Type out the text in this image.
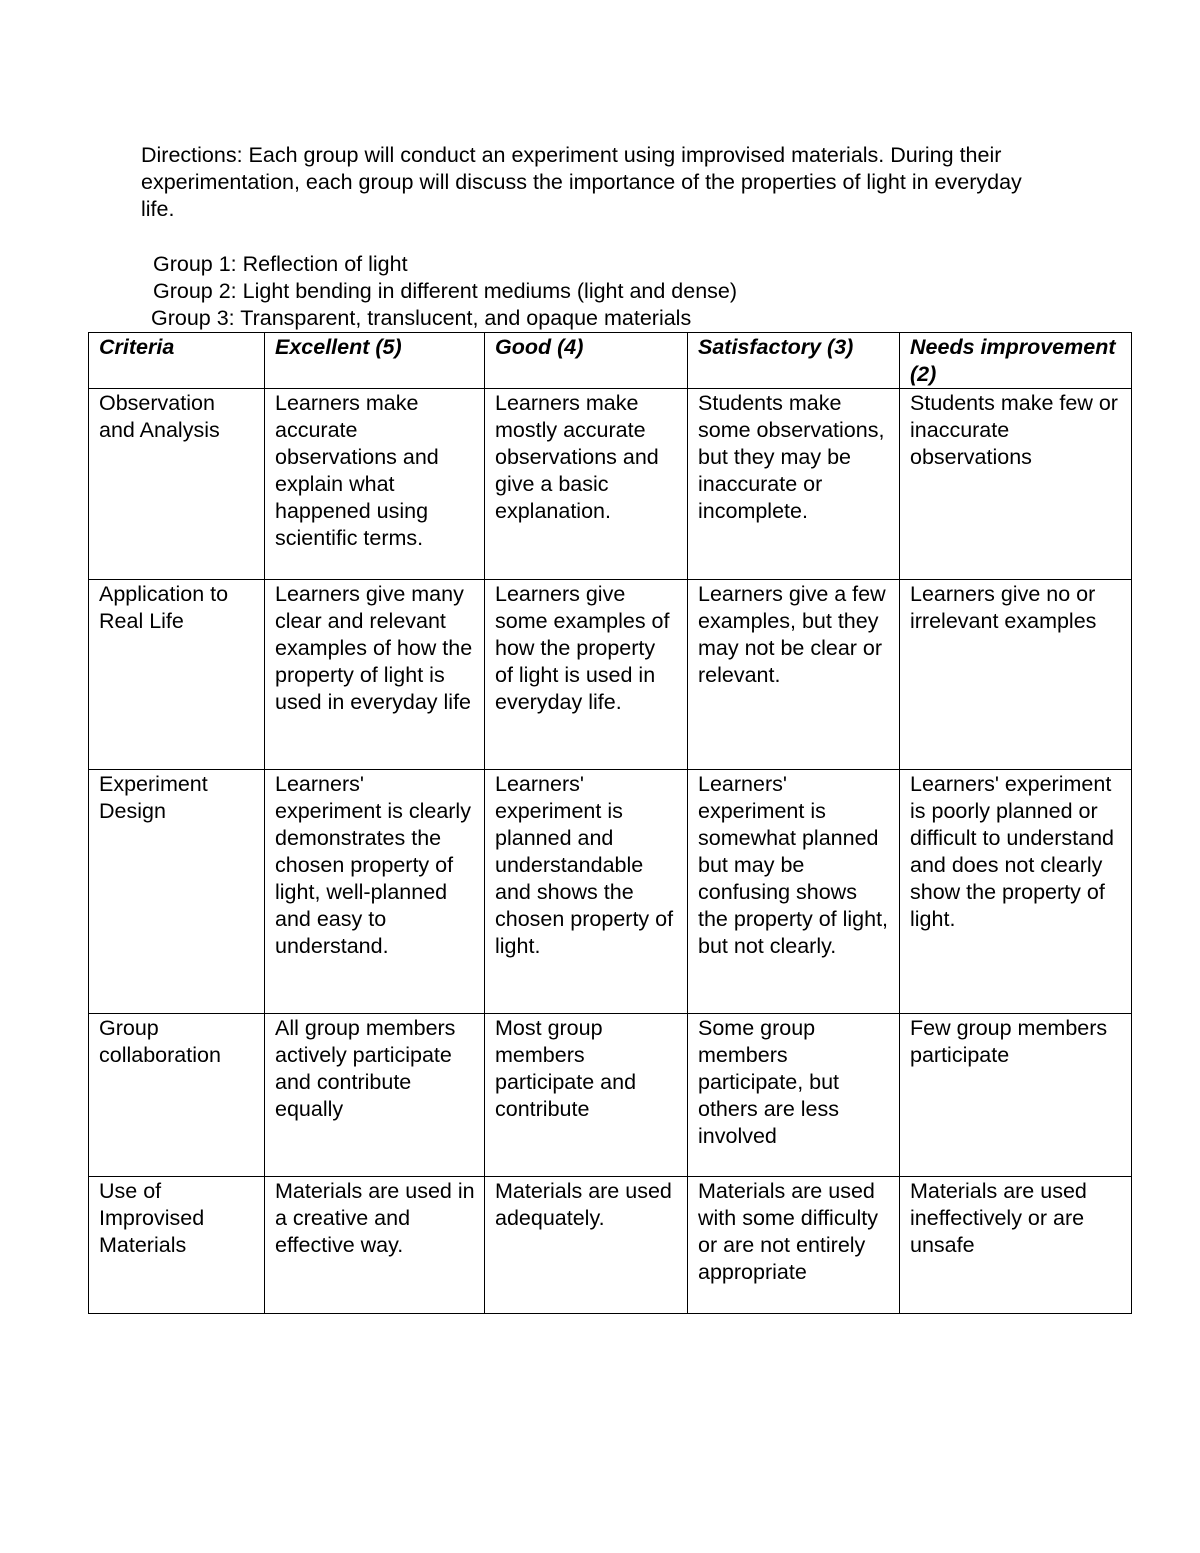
Directions: Each group will conduct an experiment using improvised materials. During their experimentation, each group will discuss the importance of the properties of light in everyday life.

Group 1: Reflection of light
Group 2: Light bending in different mediums (light and dense)
Group 3: Transparent, translucent, and opaque materials
Criteria	Excellent (5)	Good (4)	Satisfactory (3)	Needs improvement (2)
Observation and Analysis	Learners make accurate observations and explain what happened using scientific terms.	Learners make mostly accurate observations and give a basic explanation.	Students make some observations, but they may be inaccurate or incomplete.	Students make few or inaccurate observations
Application to Real Life	Learners give many clear and relevant examples of how the property of light is used in everyday life	Learners give some examples of how the property of light is used in everyday life.	Learners give a few examples, but they may not be clear or relevant.	Learners give no or irrelevant examples
Experiment Design	Learners' experiment is clearly demonstrates the chosen property of light, well-planned and easy to understand.	Learners' experiment is planned and understandable and shows the chosen property of light.	Learners' experiment is somewhat planned but may be confusing shows the property of light, but not clearly.	Learners' experiment is poorly planned or difficult to understand and does not clearly show the property of light.
Group collaboration	All group members actively participate and contribute equally	Most group members participate and contribute	Some group members participate, but others are less involved	Few group members participate
Use of Improvised Materials	Materials are used in a creative and effective way.	Materials are used adequately.	Materials are used with some difficulty or are not entirely appropriate	Materials are used ineffectively or are unsafe
